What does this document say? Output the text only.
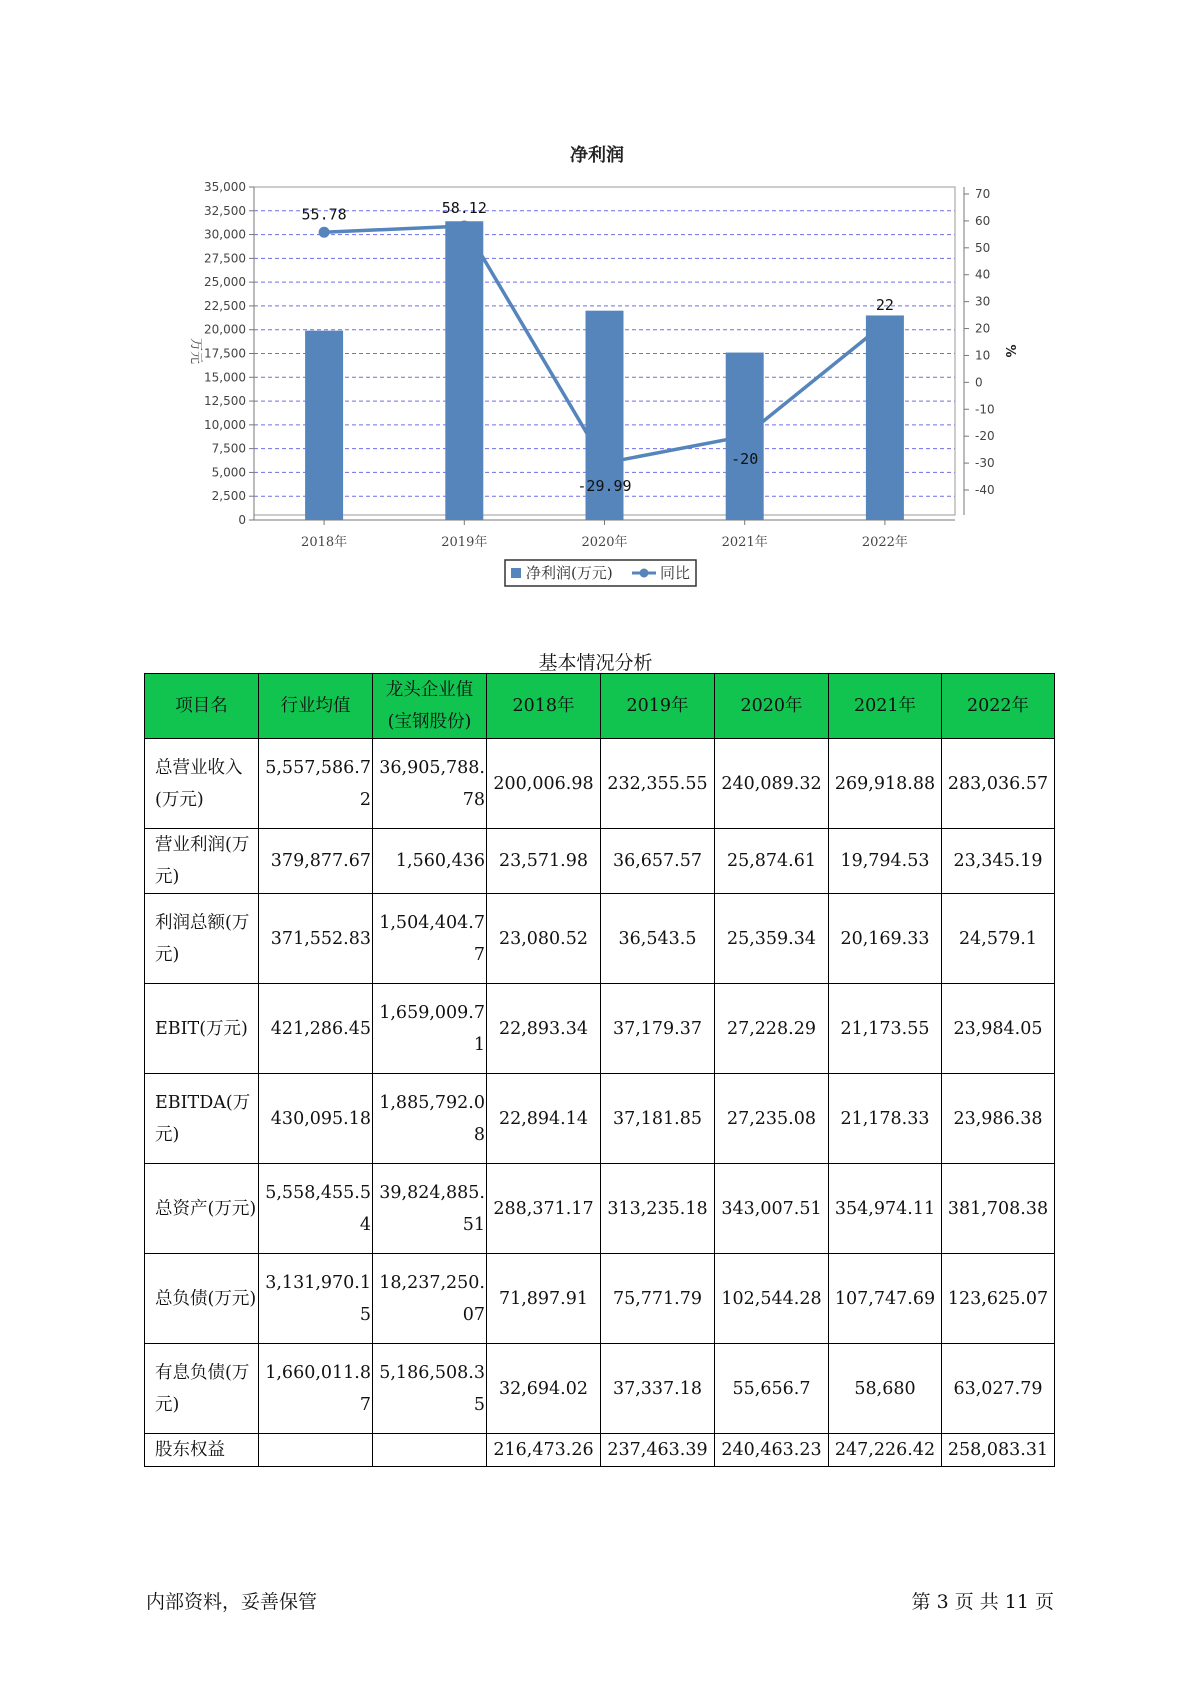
净利润
0
2,500
5,000
7,500
10,000
12,500
15,000
17,500
20,000
22,500
25,000
27,500
30,000
32,500
35,000
-40
-30
-20
-10
0
10
20
30
40
50
60
70
55.78	58.12
-29.99
-20
22
2018年	2019年	2020年	2021年	2022年
万元	%
净利润(万元)	同比
基本情况分析
项目名	行业均值	龙头企业值(宝钢股份)	2018年	2019年	2020年	2021年	2022年
总营业收入(万元)	5,557,586.72	36,905,788.78	200,006.98	232,355.55	240,089.32	269,918.88	283,036.57
营业利润(万元)	379,877.67	1,560,436	23,571.98	36,657.57	25,874.61	19,794.53	23,345.19
利润总额(万元)	371,552.83	1,504,404.77	23,080.52	36,543.5	25,359.34	20,169.33	24,579.1
EBIT(万元)	421,286.45	1,659,009.71	22,893.34	37,179.37	27,228.29	21,173.55	23,984.05
EBITDA(万元)	430,095.18	1,885,792.08	22,894.14	37,181.85	27,235.08	21,178.33	23,986.38
总资产(万元)	5,558,455.54	39,824,885.51	288,371.17	313,235.18	343,007.51	354,974.11	381,708.38
总负债(万元)	3,131,970.15	18,237,250.07	71,897.91	75,771.79	102,544.28	107,747.69	123,625.07
有息负债(万元)	1,660,011.87	5,186,508.35	32,694.02	37,337.18	55,656.7	58,680	63,027.79
股东权益			216,473.26	237,463.39	240,463.23	247,226.42	258,083.31
内部资料，妥善保管	第 3 页 共 11 页
